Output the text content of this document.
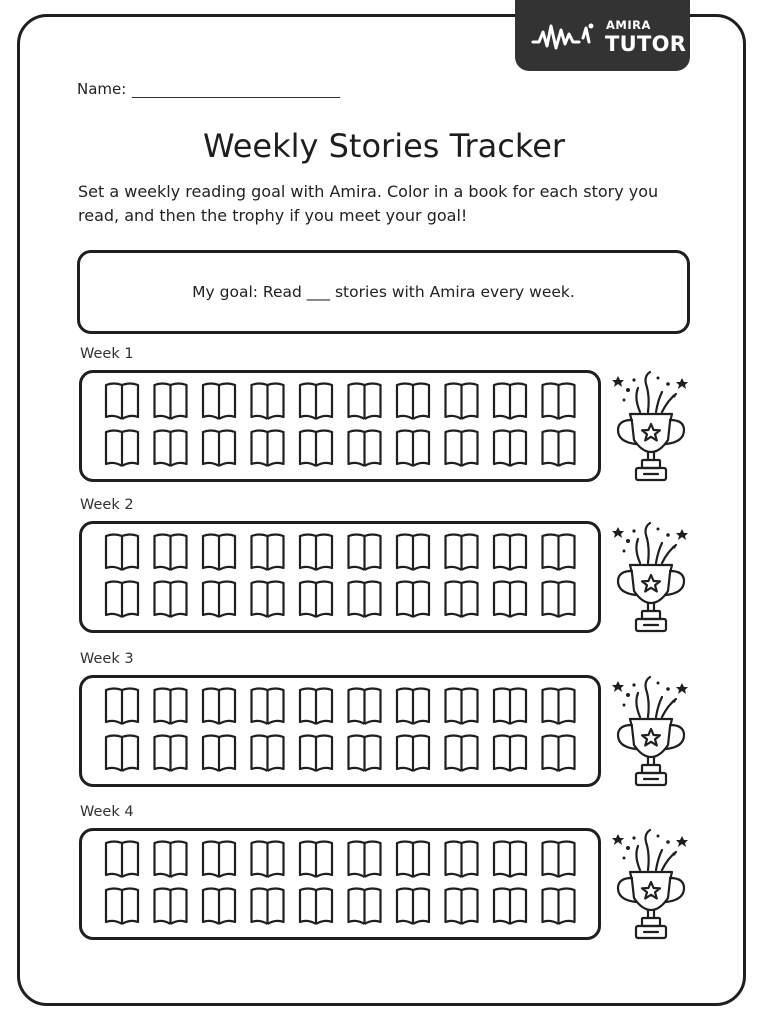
AMIRA
TUTOR
Name:
Weekly Stories Tracker
Set a weekly reading goal with Amira. Color in a book for each story you read, and then the trophy if you meet your goal!
My goal: Read ___ stories with Amira every week.
Week 1
Week 2
Week 3
Week 4
